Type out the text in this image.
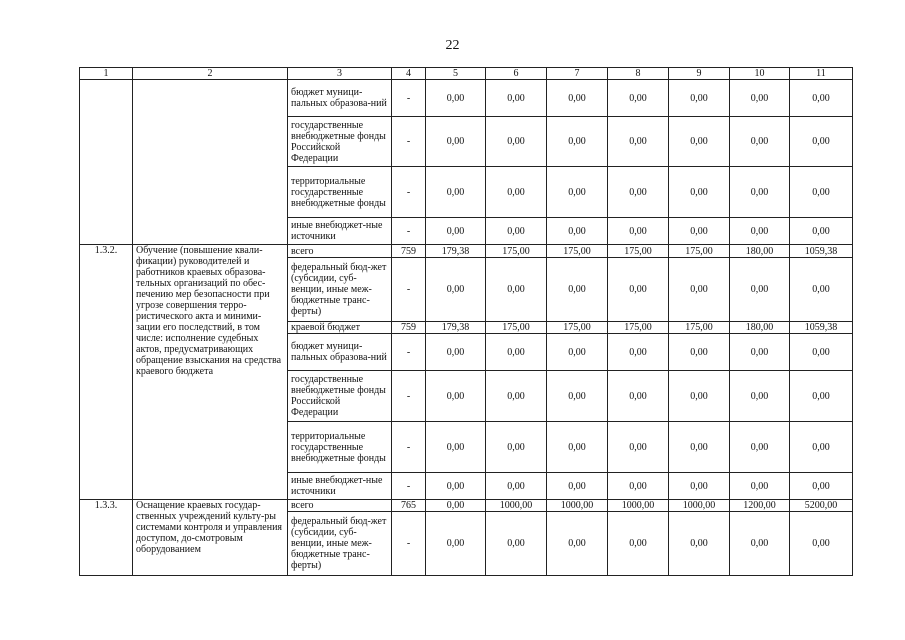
22
1	2	3	4	5	6	7	8	9	10	11
		бюджет муници-пальных образова-ний	-	0,00	0,00	0,00	0,00	0,00	0,00	0,00
		государственные внебюджетные фонды Российской Федерации	-	0,00	0,00	0,00	0,00	0,00	0,00	0,00
		территориальные государственные внебюджетные фонды	-	0,00	0,00	0,00	0,00	0,00	0,00	0,00
		иные внебюджет-ные источники	-	0,00	0,00	0,00	0,00	0,00	0,00	0,00
1.3.2.	Обучение (повышение квали-фикации) руководителей и работников краевых образова-тельных организаций по обес-печению мер безопасности при угрозе совершения терро-ристического акта и миними-зации его последствий, в том числе: исполнение судебных актов, предусматривающих обращение взыскания на средства краевого бюджета	всего	759	179,38	175,00	175,00	175,00	175,00	180,00	1059,38
		федеральный бюд-жет (субсидии, суб-венции, иные меж-бюджетные транс-ферты)	-	0,00	0,00	0,00	0,00	0,00	0,00	0,00
		краевой бюджет	759	179,38	175,00	175,00	175,00	175,00	180,00	1059,38
		бюджет муници-пальных образова-ний	-	0,00	0,00	0,00	0,00	0,00	0,00	0,00
		государственные внебюджетные фонды Российской Федерации	-	0,00	0,00	0,00	0,00	0,00	0,00	0,00
		территориальные государственные внебюджетные фонды	-	0,00	0,00	0,00	0,00	0,00	0,00	0,00
		иные внебюджет-ные источники	-	0,00	0,00	0,00	0,00	0,00	0,00	0,00
1.3.3.	Оснащение краевых государ-ственных учреждений культу-ры системами контроля и управления доступом, до-смотровым оборудованием	всего	765	0,00	1000,00	1000,00	1000,00	1000,00	1200,00	5200,00
		федеральный бюд-жет (субсидии, суб-венции, иные меж-бюджетные транс-ферты)	-	0,00	0,00	0,00	0,00	0,00	0,00	0,00
